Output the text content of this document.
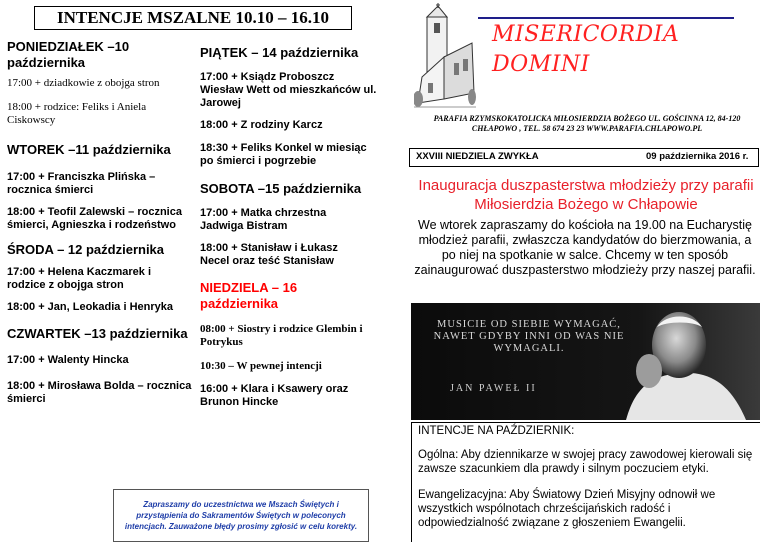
INTENCJE MSZALNE 10.10 – 16.10
PONIEDZIAŁEK –10 października
17:00 + dziadkowie z obojga stron
18:00 + rodzice: Feliks i Aniela Ciskowscy
WTOREK –11 października
17:00 + Franciszka Plińska – rocznica śmierci
18:00 + Teofil Zalewski – rocznica śmierci, Agnieszka i rodzeństwo
ŚRODA – 12 października
17:00 + Helena Kaczmarek i rodzice z obojga stron
18:00 + Jan, Leokadia i Henryka
CZWARTEK –13 października
17:00 + Walenty Hincka
18:00 + Mirosława Bolda – rocznica śmierci
Zapraszamy do uczestnictwa we Mszach Świętych i przystąpienia do Sakramentów Świętych w poleconych intencjach. Zauważone błędy prosimy zgłosić w celu korekty.
PIĄTEK – 14 października
17:00 + Ksiądz Proboszcz Wiesław Wett od mieszkańców ul. Jarowej
18:00 + Z rodziny Karcz
18:30 + Feliks Konkel w miesiąc po śmierci i pogrzebie
SOBOTA –15 października
17:00 + Matka chrzestna Jadwiga Bistram
18:00 + Stanisław i Łukasz Necel oraz teść Stanisław
NIEDZIELA – 16 października
08:00 + Siostry i rodzice Glembin i Potrykus
10:30 – W pewnej intencji
16:00 + Klara i Ksawery oraz Brunon Hincke
MISERICORDIA DOMINI
PARAFIA RZYMSKOKATOLICKA MIŁOSIERDZIA BOŻEGO UL. GOŚCINNA 12, 84-120 CHŁAPOWO , TEL. 58 674 23 23 WWW.PARAFIA.CHLAPOWO.PL
XXVIII NIEDZIELA ZWYKŁA	09 października 2016 r.
Inauguracja duszpasterstwa młodzieży przy parafii Miłosierdzia Bożego w Chłapowie
We wtorek zapraszamy do kościoła na 19.00 na Eucharystię młodzież parafii, zwłaszcza kandydatów do bierzmowania, a po niej na spotkanie w salce. Chcemy w ten sposób zainaugurować duszpasterstwo młodzieży przy naszej parafii.
MUSICIE OD SIEBIE WYMAGAĆ, NAWET GDYBY INNI OD WAS NIE WYMAGALI.
JAN PAWEŁ II
INTENCJE NA PAŹDZIERNIK:
Ogólna: Aby dziennikarze w swojej pracy zawodowej kierowali się zawsze szacunkiem dla prawdy i silnym poczuciem etyki.
Ewangelizacyjna: Aby Światowy Dzień Misyjny odnowił we wszystkich wspólnotach chrześcijańskich radość i odpowiedzialność związane z głoszeniem Ewangelii.
